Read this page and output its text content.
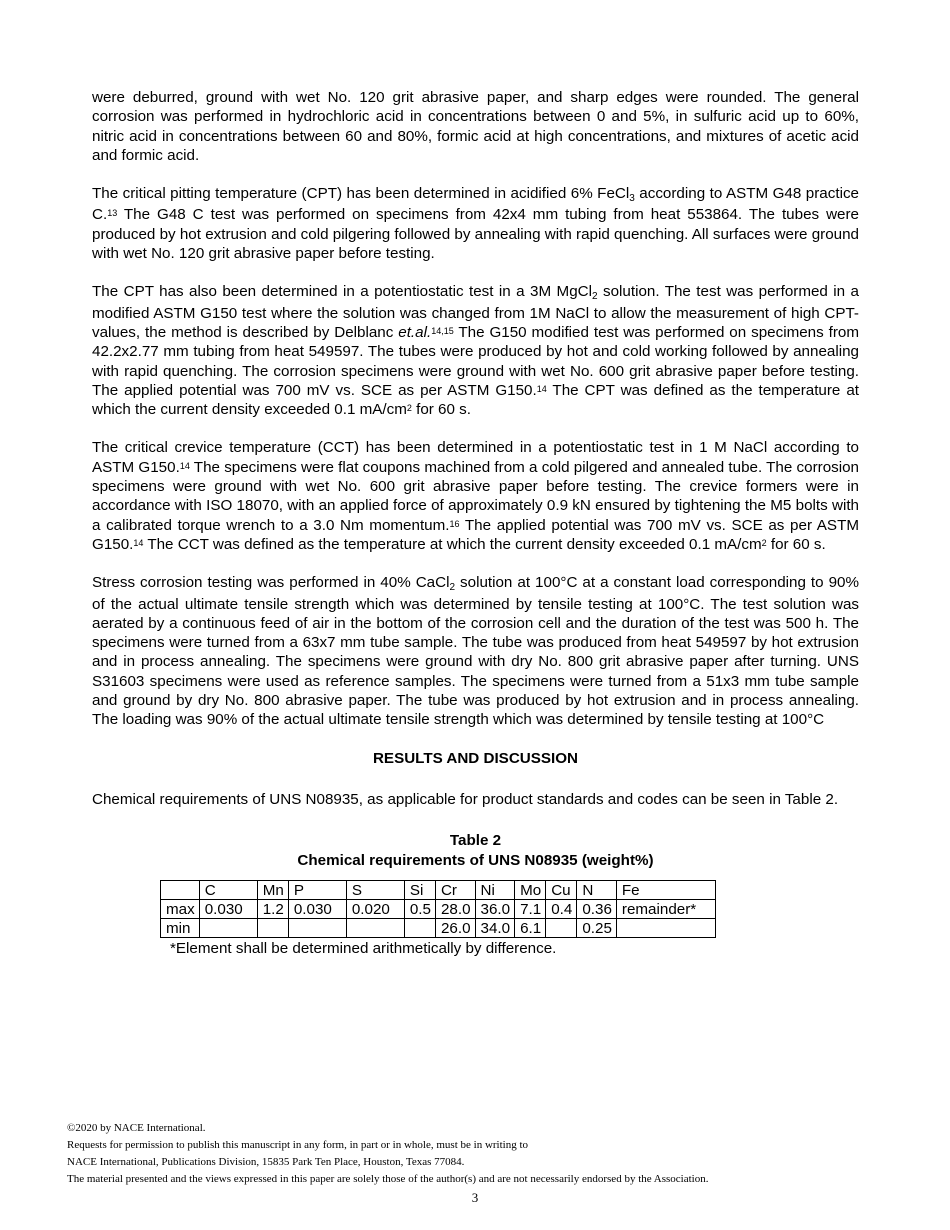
were deburred, ground with wet No. 120 grit abrasive paper, and sharp edges were rounded. The general corrosion was performed in hydrochloric acid in concentrations between 0 and 5%, in sulfuric acid up to 60%, nitric acid in concentrations between 60 and 80%, formic acid at high concentrations, and mixtures of acetic acid and formic acid.

The critical pitting temperature (CPT) has been determined in acidified 6% FeCl$_3$ according to ASTM G48 practice C.$^{13}$ The G48 C test was performed on specimens from 42x4 mm tubing from heat 553864. The tubes were produced by hot extrusion and cold pilgering followed by annealing with rapid quenching. All surfaces were ground with wet No. 120 grit abrasive paper before testing.

The CPT has also been determined in a potentiostatic test in a 3M MgCl$_2$ solution. The test was performed in a modified ASTM G150 test where the solution was changed from 1M NaCl to allow the measurement of high CPT-values, the method is described by Delblanc et.al.$^{14,15}$ The G150 modified test was performed on specimens from 42.2x2.77 mm tubing from heat 549597. The tubes were produced by hot and cold working followed by annealing with rapid quenching. The corrosion specimens were ground with wet No. 600 grit abrasive paper before testing. The applied potential was 700 mV vs. SCE as per ASTM G150.14 The CPT was defined as the temperature at which the current density exceeded 0.1 $mA/cm^2$ for 60 s.

The critical crevice temperature (CCT) has been determined in a potentiostatic test in 1 M NaCl according to ASTM G150.14 The specimens were flat coupons machined from a cold pilgered and annealed tube. The corrosion specimens were ground with wet No. 600 grit abrasive paper before testing. The crevice formers were in accordance with ISO 18070, with an applied force of approximately 0.9 kN ensured by tightening the M5 bolts with a calibrated torque wrench to a 3.0 Nm momentum.$^{16}$ The applied potential was 700 mV vs. SCE as per ASTM G150.14 The CCT was defined as the temperature at which the current density exceeded 0.1 $mA/cm^2$ for 60 s.

Stress corrosion testing was performed in 40% CaCl$_2$ solution at 100°C at a constant load corresponding to 90% of the actual ultimate tensile strength which was determined by tensile testing at 100°C. The test solution was aerated by a continuous feed of air in the bottom of the corrosion cell and the duration of the test was 500 h. The specimens were turned from a 63x7 mm tube sample. The tube was produced from heat 549597 by hot extrusion and in process annealing. The specimens were ground with dry No. 800 grit abrasive paper after turning. UNS S31603 specimens were used as reference samples. The specimens were turned from a 51x3 mm tube sample and ground by dry No. 800 abrasive paper. The tube was produced by hot extrusion and in process annealing. The loading was 90% of the actual ultimate tensile strength which was determined by tensile testing at 100°C

RESULTS AND DISCUSSION

Chemical requirements of UNS N08935, as applicable for product standards and codes can be seen in Table 2.

Table 2
Chemical requirements of UNS N08935 (weight%)
	C	Mn	P	S	Si	Cr	Ni	Mo	Cu	N	Fe
max	0.030	1.2	0.030	0.020	0.5	28.0	36.0	7.1	0.4	0.36	remainder*
min						26.0	34.0	6.1		0.25	
*Element shall be determined arithmetically by difference.
©2020 by NACE International.
Requests for permission to publish this manuscript in any form, in part or in whole, must be in writing to
NACE International, Publications Division, 15835 Park Ten Place, Houston, Texas 77084.
The material presented and the views expressed in this paper are solely those of the author(s) and are not necessarily endorsed by the Association.
3
